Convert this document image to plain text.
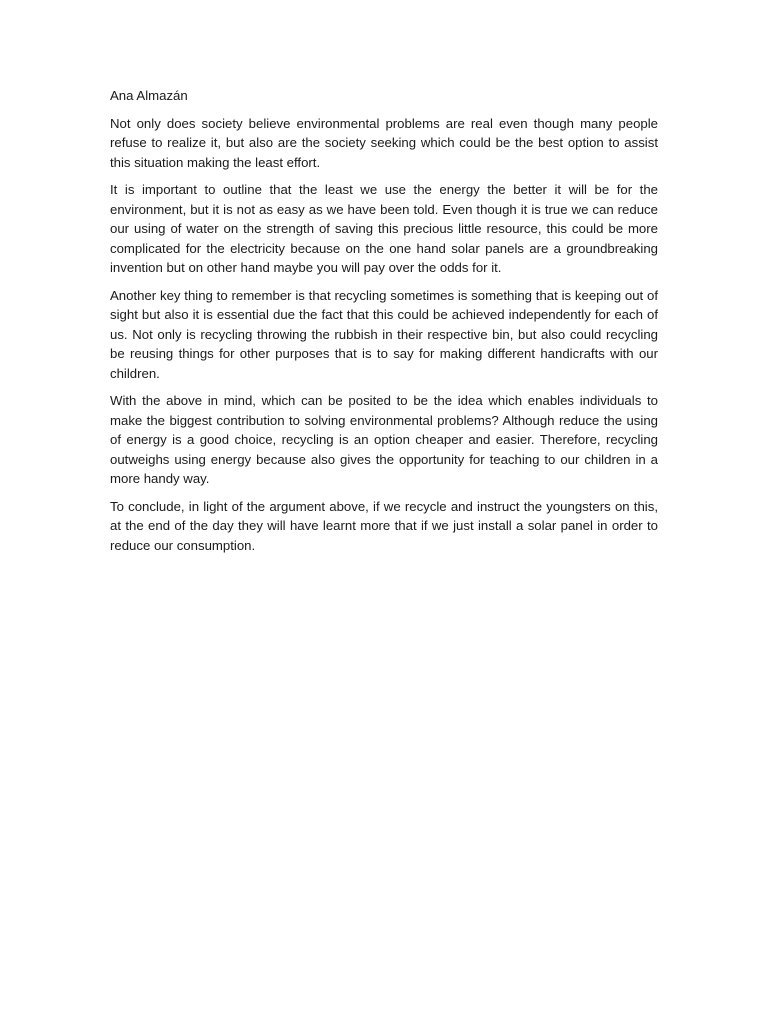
Ana Almazán

Not only does society believe environmental problems are real even though many people refuse to realize it, but also are the society seeking which could be the best option to assist this situation making the least effort.

It is important to outline that the least we use the energy the better it will be for the environment, but it is not as easy as we have been told. Even though it is true we can reduce our using of water on the strength of saving this precious little resource, this could be more complicated for the electricity because on the one hand solar panels are a groundbreaking invention but on other hand maybe you will pay over the odds for it.

Another key thing to remember is that recycling sometimes is something that is keeping out of sight but also it is essential due the fact that this could be achieved independently for each of us. Not only is recycling throwing the rubbish in their respective bin, but also could recycling be reusing things for other purposes that is to say for making different handicrafts with our children.

With the above in mind, which can be posited to be the idea which enables individuals to make the biggest contribution to solving environmental problems? Although reduce the using of energy is a good choice, recycling is an option cheaper and easier. Therefore, recycling outweighs using energy because also gives the opportunity for teaching to our children in a more handy way.

To conclude, in light of the argument above, if we recycle and instruct the youngsters on this, at the end of the day they will have learnt more that if we just install a solar panel in order to reduce our consumption.
